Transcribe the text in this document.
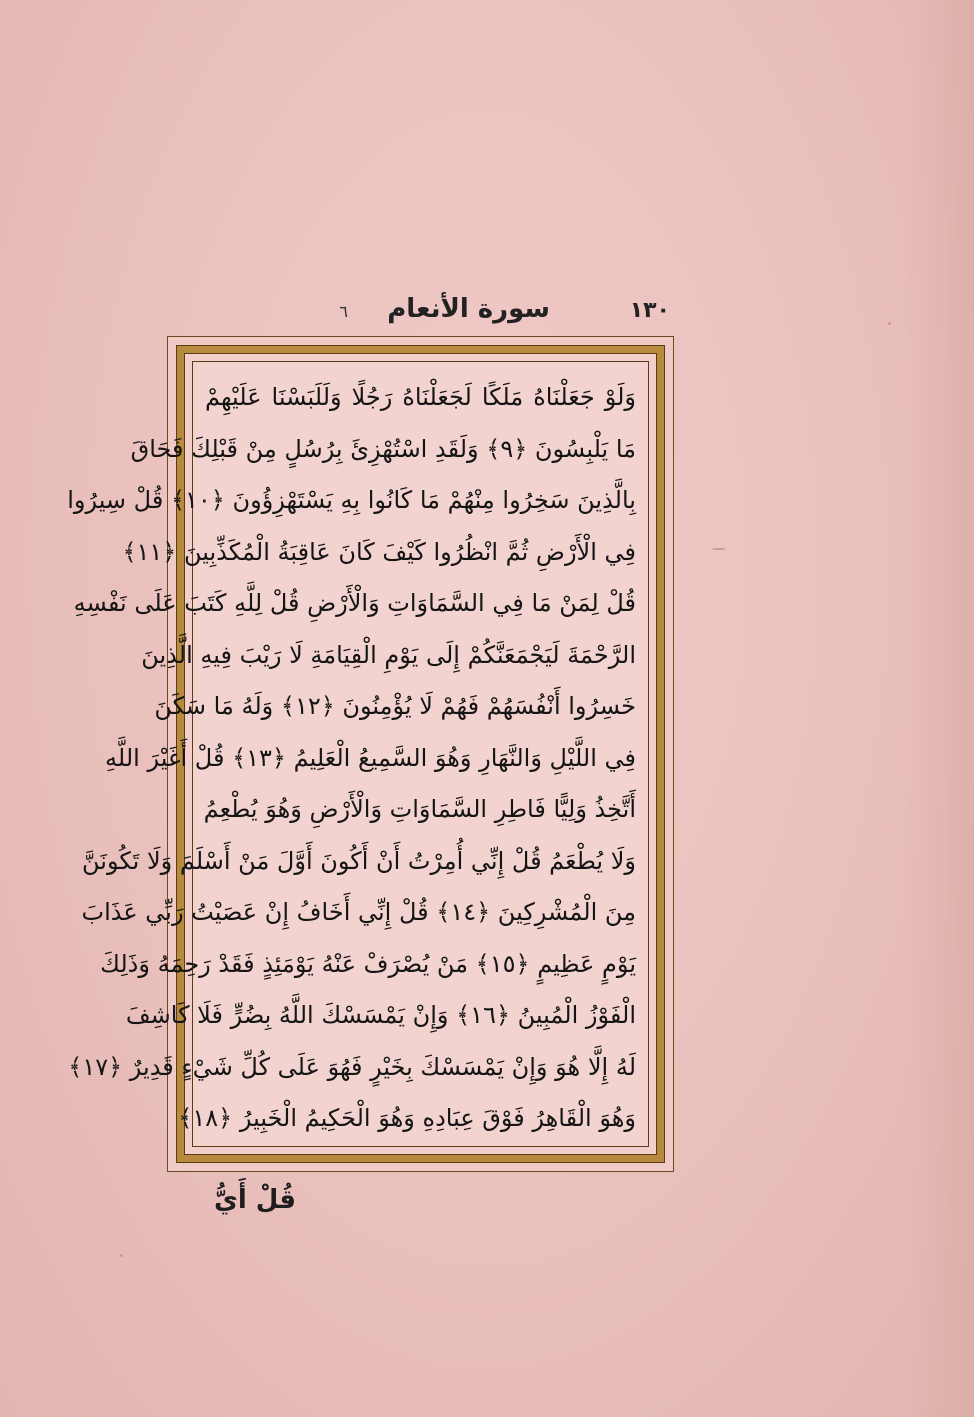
١٣٠
سورة الأنعام
٦
وَلَوْ جَعَلْنَاهُ مَلَكًا لَجَعَلْنَاهُ رَجُلًا وَلَلَبَسْنَا عَلَيْهِمْ
مَا يَلْبِسُونَ ﴿٩﴾ وَلَقَدِ اسْتُهْزِئَ بِرُسُلٍ مِنْ قَبْلِكَ فَحَاقَ
بِالَّذِينَ سَخِرُوا مِنْهُمْ مَا كَانُوا بِهِ يَسْتَهْزِؤُونَ ﴿١٠﴾ قُلْ سِيرُوا
فِي الْأَرْضِ ثُمَّ انْظُرُوا كَيْفَ كَانَ عَاقِبَةُ الْمُكَذِّبِينَ ﴿١١﴾
قُلْ لِمَنْ مَا فِي السَّمَاوَاتِ وَالْأَرْضِ قُلْ لِلَّهِ كَتَبَ عَلَى نَفْسِهِ
الرَّحْمَةَ لَيَجْمَعَنَّكُمْ إِلَى يَوْمِ الْقِيَامَةِ لَا رَيْبَ فِيهِ الَّذِينَ
خَسِرُوا أَنْفُسَهُمْ فَهُمْ لَا يُؤْمِنُونَ ﴿١٢﴾ وَلَهُ مَا سَكَنَ
فِي اللَّيْلِ وَالنَّهَارِ وَهُوَ السَّمِيعُ الْعَلِيمُ ﴿١٣﴾ قُلْ أَغَيْرَ اللَّهِ
أَتَّخِذُ وَلِيًّا فَاطِرِ السَّمَاوَاتِ وَالْأَرْضِ وَهُوَ يُطْعِمُ
وَلَا يُطْعَمُ قُلْ إِنِّي أُمِرْتُ أَنْ أَكُونَ أَوَّلَ مَنْ أَسْلَمَ وَلَا تَكُونَنَّ
مِنَ الْمُشْرِكِينَ ﴿١٤﴾ قُلْ إِنِّي أَخَافُ إِنْ عَصَيْتُ رَبِّي عَذَابَ
يَوْمٍ عَظِيمٍ ﴿١٥﴾ مَنْ يُصْرَفْ عَنْهُ يَوْمَئِذٍ فَقَدْ رَحِمَهُ وَذَلِكَ
الْفَوْزُ الْمُبِينُ ﴿١٦﴾ وَإِنْ يَمْسَسْكَ اللَّهُ بِضُرٍّ فَلَا كَاشِفَ
لَهُ إِلَّا هُوَ وَإِنْ يَمْسَسْكَ بِخَيْرٍ فَهُوَ عَلَى كُلِّ شَيْءٍ قَدِيرٌ ﴿١٧﴾
وَهُوَ الْقَاهِرُ فَوْقَ عِبَادِهِ وَهُوَ الْحَكِيمُ الْخَبِيرُ ﴿١٨﴾
قُلْ أَيُّ
